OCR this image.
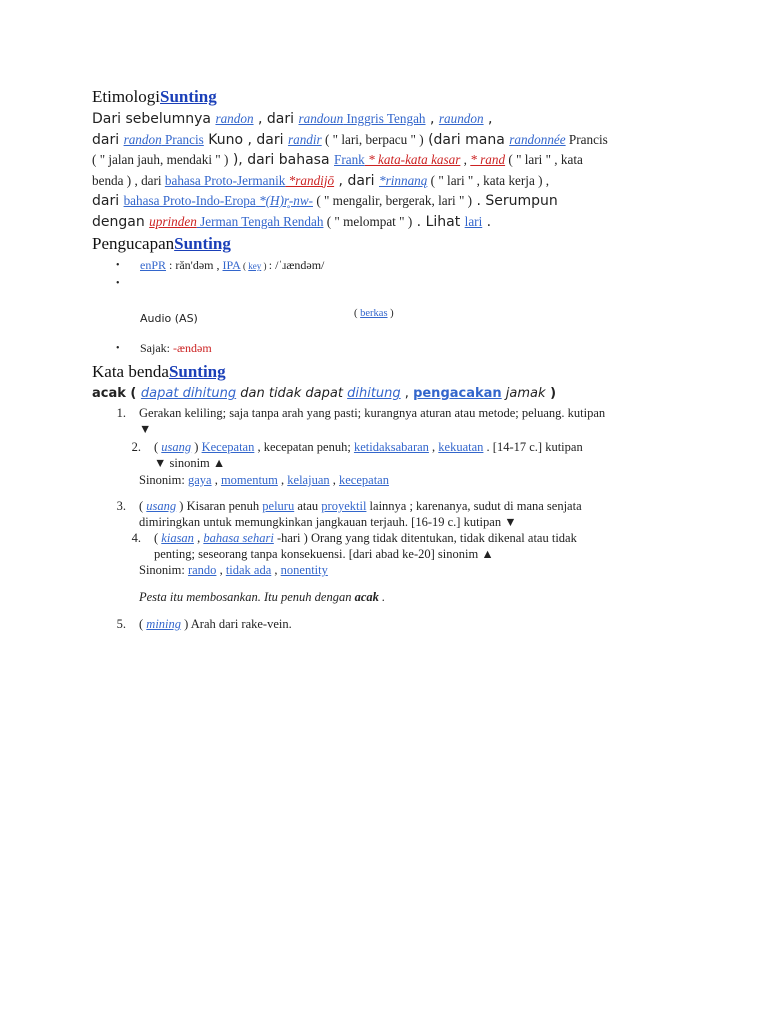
EtimologiSunting
Dari sebelumnya randon , dari randoun Inggris Tengah , raundon ,
dari randon Prancis Kuno , dari randir ( " lari, berpacu " ) (dari mana randonnée Prancis
( " jalan jauh, mendaki " ) ), dari bahasa Frank * kata-kata kasar , * rand ( " lari " , kata
benda ) , dari bahasa Proto-Jermanik *randijō , dari *rinnaną ( " lari " , kata kerja ) ,
dari bahasa Proto-Indo-Eropa *(H)r̥-nw- ( " mengalir, bergerak, lari " ) . Serumpun
dengan uprinden Jerman Tengah Rendah ( " melompat " ) . Lihat lari .
PengucapanSunting
• enPR : răn'dəm , IPA ( key ) : /ˈɹændəm/
•

Audio (AS)	( berkas )
• Sajak: -ændəm
Kata bendaSunting
acak ( dapat dihitung dan tidak dapat dihitung , pengacakan jamak )
1. Gerakan keliling; saja tanpa arah yang pasti; kurangnya aturan atau metode; peluang. kutipan
▼
2. ( usang ) Kecepatan , kecepatan penuh; ketidaksabaran , kekuatan . [14-17 c.] kutipan
▼ sinonim ▲
Sinonim: gaya , momentum , kelajuan , kecepatan
3. ( usang ) Kisaran penuh peluru atau proyektil lainnya ; karenanya, sudut di mana senjata
dimiringkan untuk memungkinkan jangkauan terjauh. [16-19 c.] kutipan ▼
4. ( kiasan , bahasa sehari -hari ) Orang yang tidak ditentukan, tidak dikenal atau tidak
penting; seseorang tanpa konsekuensi. [dari abad ke-20] sinonim ▲
Sinonim: rando , tidak ada , nonentity
Pesta itu membosankan. Itu penuh dengan acak .
5. ( mining ) Arah dari rake-vein.
